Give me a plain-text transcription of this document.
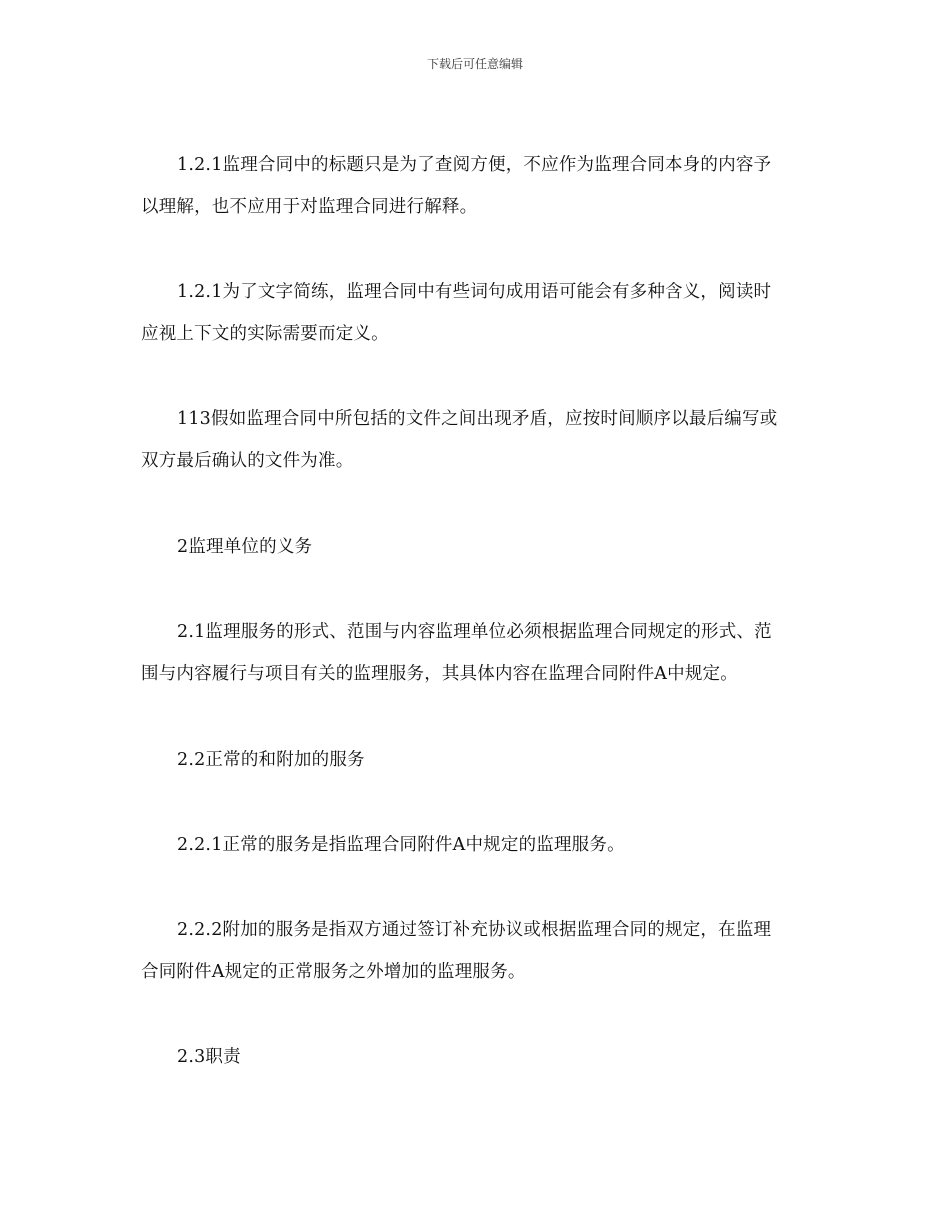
下载后可任意编辑

1.2.1监理合同中的标题只是为了查阅方便，不应作为监理合同本身的内容予
以理解，也不应用于对监理合同进行解释。

1.2.1为了文字简练，监理合同中有些词句成用语可能会有多种含义，阅读时
应视上下文的实际需要而定义。

113假如监理合同中所包括的文件之间出现矛盾，应按时间顺序以最后编写或
双方最后确认的文件为准。

2监理单位的义务

2.1监理服务的形式、范围与内容监理单位必须根据监理合同规定的形式、范
围与内容履行与项目有关的监理服务，其具体内容在监理合同附件A中规定。

2.2正常的和附加的服务

2.2.1正常的服务是指监理合同附件A中规定的监理服务。

2.2.2附加的服务是指双方通过签订补充协议或根据监理合同的规定，在监理
合同附件A规定的正常服务之外增加的监理服务。

2.3职责
